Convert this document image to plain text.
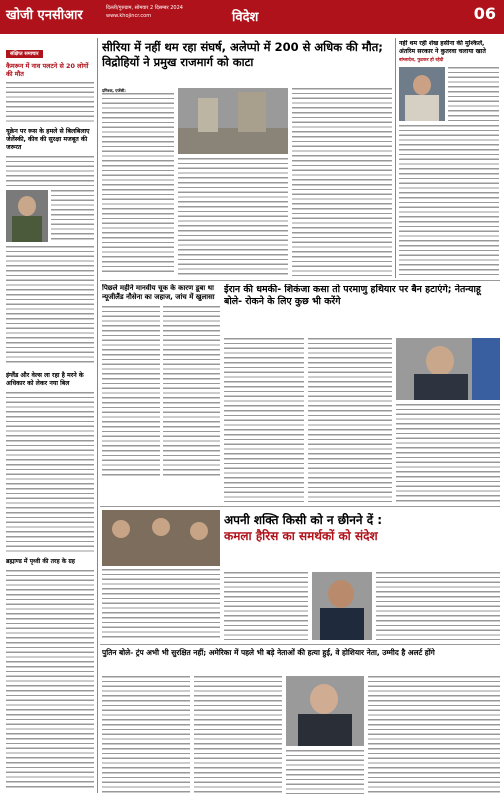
खोजी एनसीआर	दिल्ली/गुरुग्राम, सोमवार 2 दिसम्बर 2024
www.khojincr.com	विदेश	06
संक्षिप्त समाचार
कैमरून में नाव पलटने से 20 लोगों की मौत
यूक्रेन पर रूस के हमले से बिलबिलाए जेलेंस्की, कीव की सुरक्षा मजबूत की जरूरत
इंग्लैंड और वेल्स ला रहा है मरने के अधिकार को लेकर नया बिल
ब्रह्माण्ड में पृथ्वी की तरह के ग्रह
सीरिया में नहीं थम रहा संघर्ष, अलेप्पो में 200 से अधिक की मौत; विद्रोहियों ने प्रमुख राजमार्ग को काटा
दमिश्क, एजेंसी:
नहीं थम रही शेख हसीना की मुश्किलें, अंतरिम सरकार ने कुतरवा चलाया खाते
बांग्लादेश, फुटकर हो रहेदी
पिछले महीने मानवीय चूक के कारण डूबा था न्यूजीलैंड नौसेना का जहाज, जांच में खुलासा
ईरान की धमकी- शिकंजा कसा तो परमाणु हथियार पर बैन हटाएंगे; नेतन्याहू बोले- रोकने के लिए कुछ भी करेंगे
अपनी शक्ति किसी को न छीनने दें :
कमला हैरिस का समर्थकों को संदेश
पुतिन बोले- ट्रंप अभी भी सुरक्षित नहीं; अमेरिका में पहले भी बड़े नेताओं की हत्या हुई, वे होशियार नेता, उम्मीद है अलर्ट होंगे
